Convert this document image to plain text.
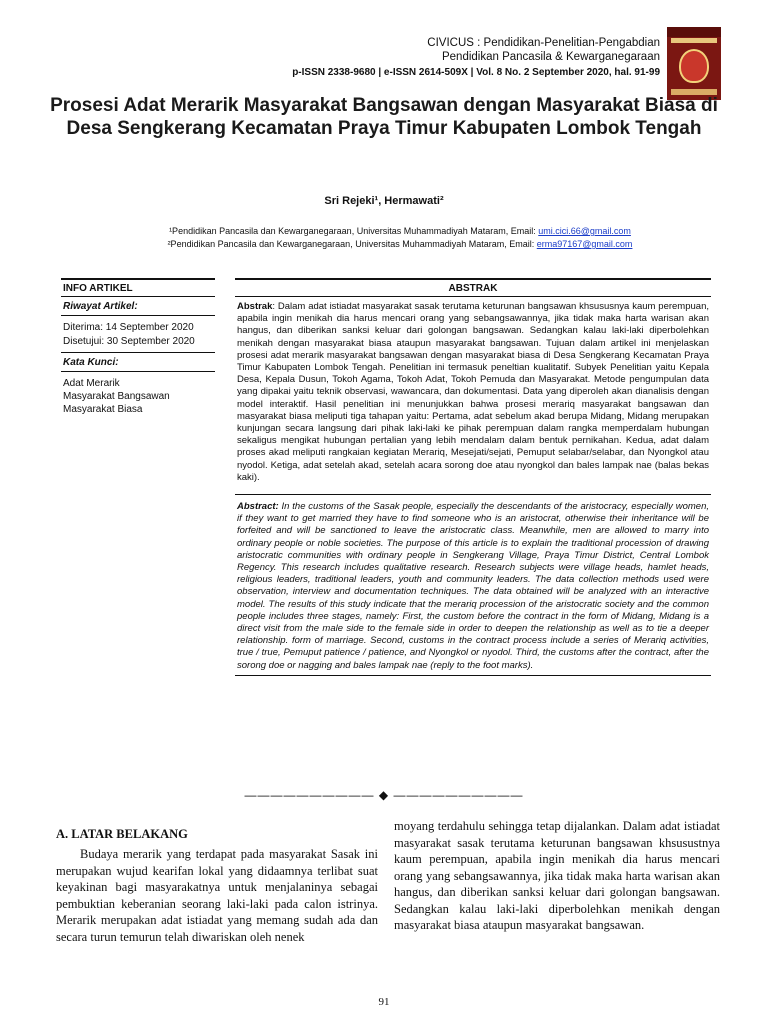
CIVICUS : Pendidikan-Penelitian-Pengabdian
Pendidikan Pancasila & Kewarganegaraan
p-ISSN 2338-9680 | e-ISSN 2614-509X | Vol. 8 No. 2 September 2020, hal. 91-99
Prosesi Adat Merarik Masyarakat Bangsawan dengan Masyarakat Biasa di Desa Sengkerang Kecamatan Praya Timur Kabupaten Lombok Tengah
Sri Rejeki¹, Hermawati²
¹Pendidikan Pancasila dan Kewarganegaraan, Universitas Muhammadiyah Mataram, Email: umi.cici.66@gmail.com
²Pendidikan Pancasila dan Kewarganegaraan, Universitas Muhammadiyah Mataram, Email: erma97167@gmail.com
INFO ARTIKEL
Riwayat Artikel:
Diterima: 14 September 2020
Disetujui: 30 September 2020
Kata Kunci:
Adat Merarik
Masyarakat Bangsawan
Masyarakat Biasa
ABSTRAK
Abstrak: Dalam adat istiadat masyarakat sasak terutama keturunan bangsawan khsususnya kaum perempuan, apabila ingin menikah dia harus mencari orang yang sebangsawannya, jika tidak maka harta warisan akan hangus, dan diberikan sanksi keluar dari golongan bangsawan. Sedangkan kalau laki-laki diperbolehkan menikah dengan masyarakat biasa ataupun masyarakat bangsawan. Tujuan dalam artikel ini menjelaskan prosesi adat merarik masyarakat bangsawan dengan masyarakat biasa di Desa Sengkerang Kecamatan Praya Timur Kabupaten Lombok Tengah. Penelitian ini termasuk peneltian kualitatif. Subyek Penelitian yaitu Kepala Desa, Kepala Dusun, Tokoh Agama, Tokoh Adat, Tokoh Pemuda dan Masyarakat. Metode pengumpulan data yang dipakai yaitu teknik observasi, wawancara, dan dokumentasi. Data yang diperoleh akan dianalisis dengan model interaktif. Hasil penelitian ini menunjukkan bahwa prosesi merariq masyarakat bangsawan dan masyarakat biasa meliputi tiga tahapan yaitu: Pertama, adat sebelum akad berupa Midang, Midang merupakan kunjungan secara langsung dari pihak laki-laki ke pihak perempuan dalam rangka memperdalam hubungan sekaligus mengikat hubungan pertalian yang lebih mendalam dalam bentuk pernikahan. Kedua, adat dalam proses akad meliputi rangkaian kegiatan Merariq, Mesejati/sejati, Pemuput selabar/selabar, dan Nyongkol atau nyodol. Ketiga, adat setelah akad, setelah acara sorong doe atau nyongkol dan bales lampak nae (balas bekas kaki).
Abstract: In the customs of the Sasak people, especially the descendants of the aristocracy, especially women, if they want to get married they have to find someone who is an aristocrat, otherwise their inheritance will be forfeited and will be sanctioned to leave the aristocratic class. Meanwhile, men are allowed to marry into ordinary people or noble societies. The purpose of this article is to explain the traditional procession of drawing aristocratic communities with ordinary people in Sengkerang Village, Praya Timur District, Central Lombok Regency. This research includes qualitative research. Research subjects were village heads, hamlet heads, religious leaders, traditional leaders, youth and community leaders. The data collection methods used were observation, interview and documentation techniques. The data obtained will be analyzed with an interactive model. The results of this study indicate that the merariq procession of the aristocratic society and the common people includes three stages, namely: First, the custom before the contract in the form of Midang, Midang is a direct visit from the male side to the female side in order to deepen the relationship as well as to tie a deeper relationship. form of marriage. Second, customs in the contract process include a series of Merariq activities, true / true, Pemuput patience / patience, and Nyongkol or nyodol. Third, the customs after the contract, after the sorong doe or nagging and bales lampak nae (reply to the foot marks).
—————————— ◆ ——————————
A. LATAR BELAKANG
Budaya merarik yang terdapat pada masyarakat Sasak ini merupakan wujud kearifan lokal yang didaamnya terlibat suat keyakinan bagi masyarakatnya untuk menjalaninya sebagai pembuktian keberanian seorang laki-laki pada calon istrinya. Merarik merupakan adat istiadat yang memang sudah ada dan secara turun temurun telah diwariskan oleh nenek
moyang terdahulu sehingga tetap dijalankan. Dalam adat istiadat masyarakat sasak terutama keturunan bangsawan khsusustnya kaum perempuan, apabila ingin menikah dia harus mencari orang yang sebangsawannya, jika tidak maka harta warisan akan hangus, dan diberikan sanksi keluar dari golongan bangsawan. Sedangkan kalau laki-laki diperbolehkan menikah dengan masyarakat biasa ataupun masyarakat bangsawan.
91
